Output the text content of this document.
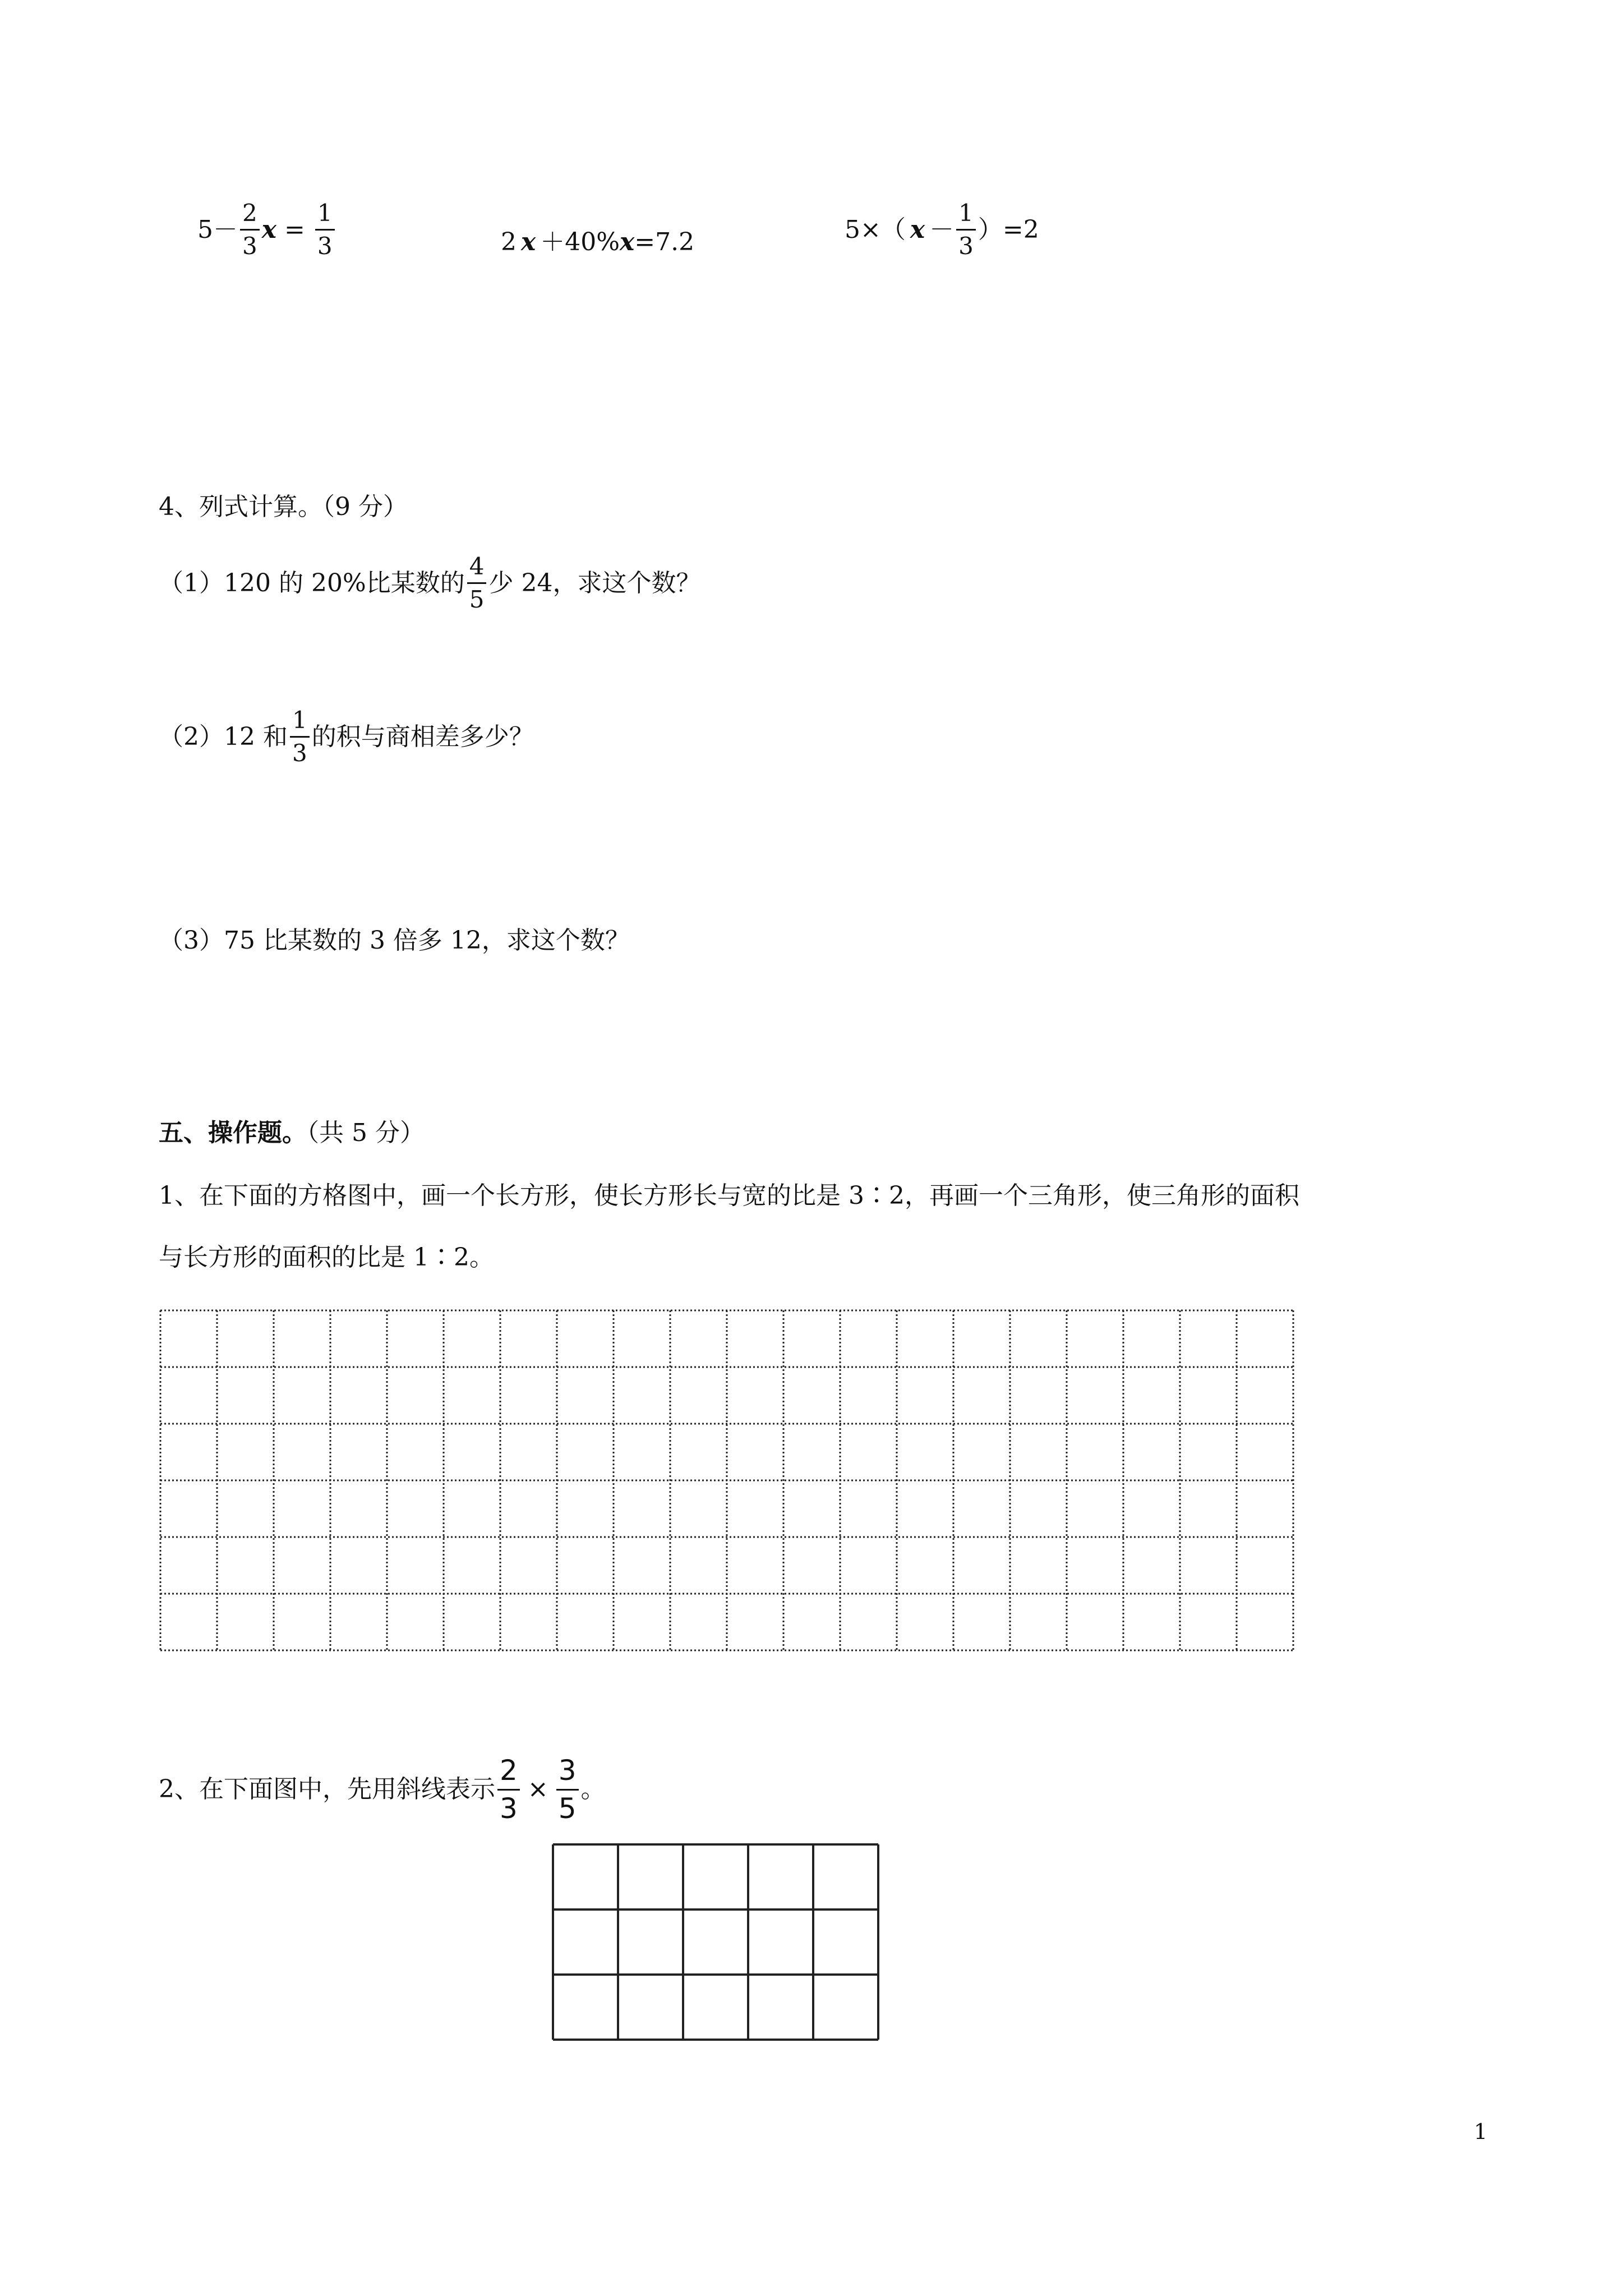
$5- \frac{2}{3}$ $x = \frac{1}{3}$	2 x ＋40% x =7.2	5×（ $x - \frac{1}{3} )=2$
4、列式计算。（9 分）
（1）120 的 20%比某数的 $\frac{4}{5}$ 少 24，求这个数？
（2）12 和 $\frac{1}{3}$ 的积与商相差多少？
（3）75 比某数的 3 倍多 12，求这个数？
五、操作题。（共 5 分）
1、在下面的方格图中，画一个长方形，使长方形长与宽的比是 3∶2，再画一个三角形，使三角形的面积
与长方形的面积的比是 1∶2。
2、在下面图中，先用斜线表示 $\frac{2}{3} \times \frac{3}{5}$ 。
1
